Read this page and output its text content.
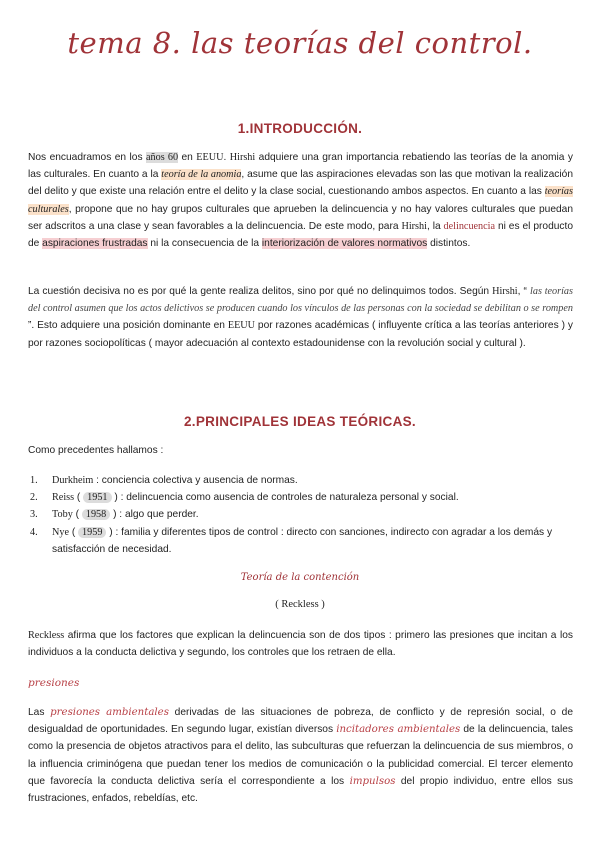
tema 8. las teorías del control.
1.INTRODUCCIÓN.

Nos encuadramos en los años 60 en EEUU. Hirshi adquiere una gran importancia rebatiendo las teorías de la anomia y las culturales. En cuanto a la teoría de la anomia, asume que las aspiraciones elevadas son las que motivan la realización del delito y que existe una relación entre el delito y la clase social, cuestionando ambos aspectos. En cuanto a las teorías culturales, propone que no hay grupos culturales que aprueben la delincuencia y no hay valores culturales que puedan ser adscritos a una clase y sean favorables a la delincuencia. De este modo, para Hirshi, la delincuencia ni es el producto de aspiraciones frustradas ni la consecuencia de la interiorización de valores normativos distintos.

La cuestión decisiva no es por qué la gente realiza delitos, sino por qué no delinquimos todos. Según Hirshi, “ las teorías del control asumen que los actos delictivos se producen cuando los vínculos de las personas con la sociedad se debilitan o se rompen ”. Esto adquiere una posición dominante en EEUU por razones académicas ( influyente crítica a las teorías anteriores ) y por razones sociopolíticas ( mayor adecuación al contexto estadounidense con la revolución social y cultural ).

2.PRINCIPALES IDEAS TEÓRICAS.

Como precedentes hallamos :

1. Durkheim : conciencia colectiva y ausencia de normas.
2. Reiss ( 1951 ) : delincuencia como ausencia de controles de naturaleza personal y social.
3. Toby ( 1958 ) : algo que perder.
4. Nye ( 1959 ) : familia y diferentes tipos de control : directo con sanciones, indirecto con agradar a los demás y satisfacción de necesidad.
Teoría de la contención
( Reckless )

Reckless afirma que los factores que explican la delincuencia son de dos tipos : primero las presiones que incitan a los individuos a la conducta delictiva y segundo, los controles que los retraen de ella.

presiones

Las presiones ambientales derivadas de las situaciones de pobreza, de conflicto y de represión social, o de desigualdad de oportunidades. En segundo lugar, existían diversos incitadores ambientales de la delincuencia, tales como la presencia de objetos atractivos para el delito, las subculturas que refuerzan la delincuencia de sus miembros, o la influencia criminógena que puedan tener los medios de comunicación o la publicidad comercial. El tercer elemento que favorecía la conducta delictiva sería el correspondiente a los impulsos del propio individuo, entre ellos sus frustraciones, enfados, rebeldías, etc.
